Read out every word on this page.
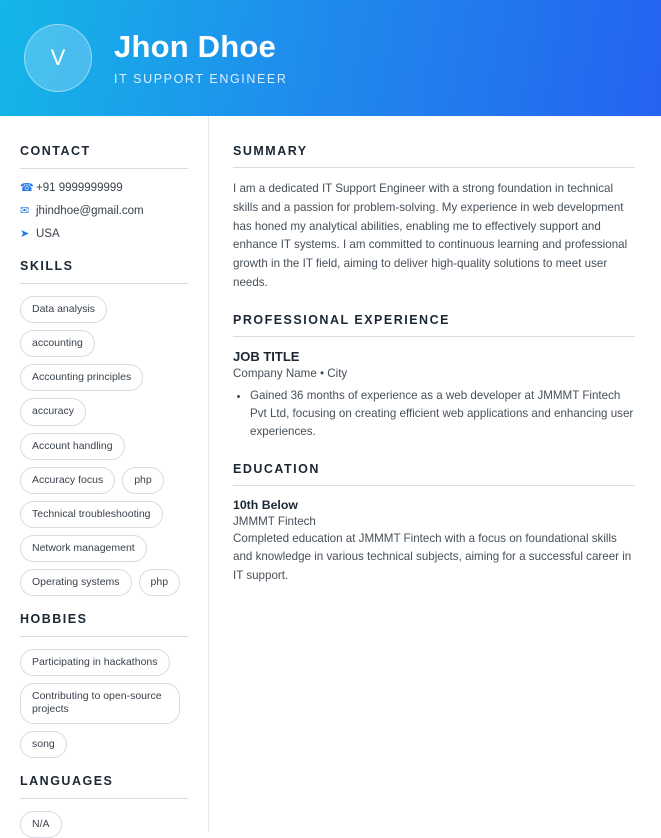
V Jhon Dhoe
IT SUPPORT ENGINEER
CONTACT
☎ +91 9999999999
✉ jhindhoe@gmail.com
➤ USA
SKILLS
Data analysis
accounting
Accounting principles
accuracy
Account handling
Accuracy focus	php
Technical troubleshooting
Network management
Operating systems	php
HOBBIES
Participating in hackathons
Contributing to open-source projects
song
LANGUAGES
N/A
SUMMARY

I am a dedicated IT Support Engineer with a strong foundation in technical skills and a passion for problem-solving. My experience in web development has honed my analytical abilities, enabling me to effectively support and enhance IT systems. I am committed to continuous learning and professional growth in the IT field, aiming to deliver high-quality solutions to meet user needs.

PROFESSIONAL EXPERIENCE
JOB TITLE
Company Name • City
• Gained 36 months of experience as a web developer at JMMMT Fintech Pvt Ltd, focusing on creating efficient web applications and enhancing user experiences.
EDUCATION
10th Below
JMMMT Fintech

Completed education at JMMMT Fintech with a focus on foundational skills and knowledge in various technical subjects, aiming for a successful career in IT support.
